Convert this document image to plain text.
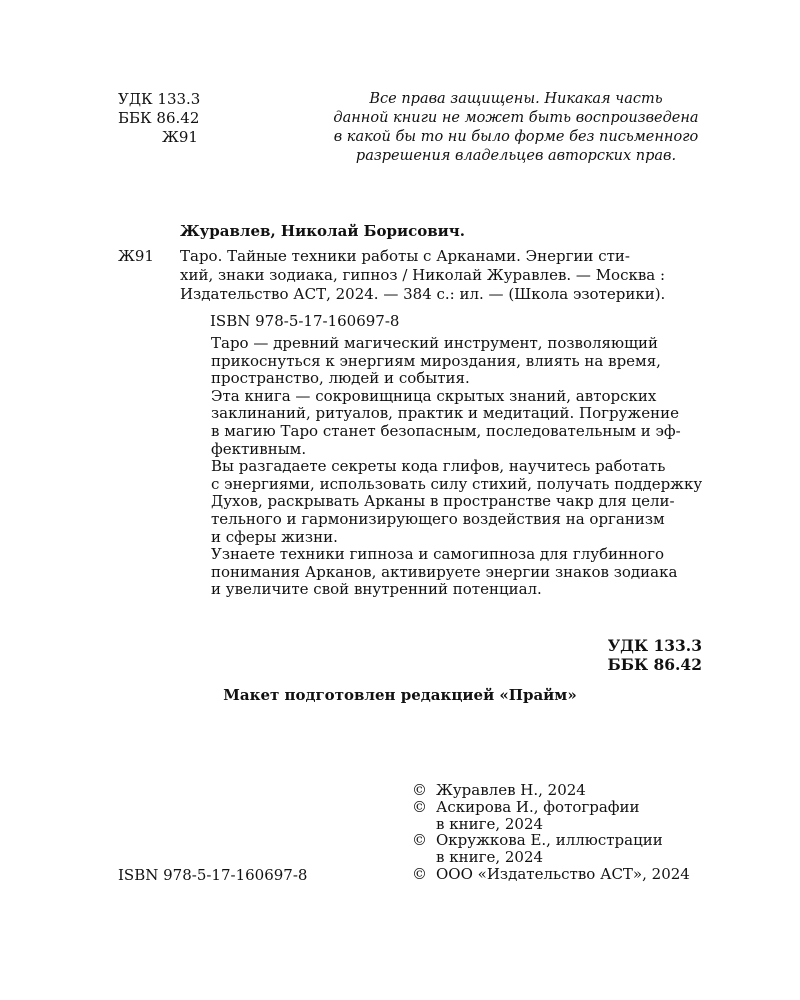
УДК 133.3
ББК 86.42
Ж91
Все права защищены. Никакая часть
данной книги не может быть воспроизведена
в какой бы то ни было форме без письменного
разрешения владельцев авторских прав.
Журавлев, Николай Борисович.
Ж91 Таро. Тайные техники работы с Арканами. Энергии сти-
хий, знаки зодиака, гипноз / Николай Журавлев. — Москва :
Издательство АСТ, 2024. — 384 с.: ил. — (Школа эзотерики).
ISBN 978-5-17-160697-8

Таро — древний магический инструмент, позволяющий
прикоснуться к энергиям мироздания, влиять на время,
пространство, людей и события.

Эта книга — сокровищница скрытых знаний, авторских
заклинаний, ритуалов, практик и медитаций. Погружение
в магию Таро станет безопасным, последовательным и эф-
фективным.

Вы разгадаете секреты кода глифов, научитесь работать
с энергиями, использовать силу стихий, получать поддержку
Духов, раскрывать Арканы в пространстве чакр для цели-
тельного и гармонизирующего воздействия на организм
и сферы жизни.

Узнаете техники гипноза и самогипноза для глубинного
понимания Арканов, активируете энергии знаков зодиака
и увеличите свой внутренний потенциал.

УДК 133.3
ББК 86.42
Макет подготовлен редакцией «Прайм»
ISBN 978-5-17-160697-8
© Журавлев Н., 2024
© Аскирова И., фотографии
в книге, 2024
© Окружкова Е., иллюстрации
в книге, 2024
© ООО «Издательство АСТ», 2024
